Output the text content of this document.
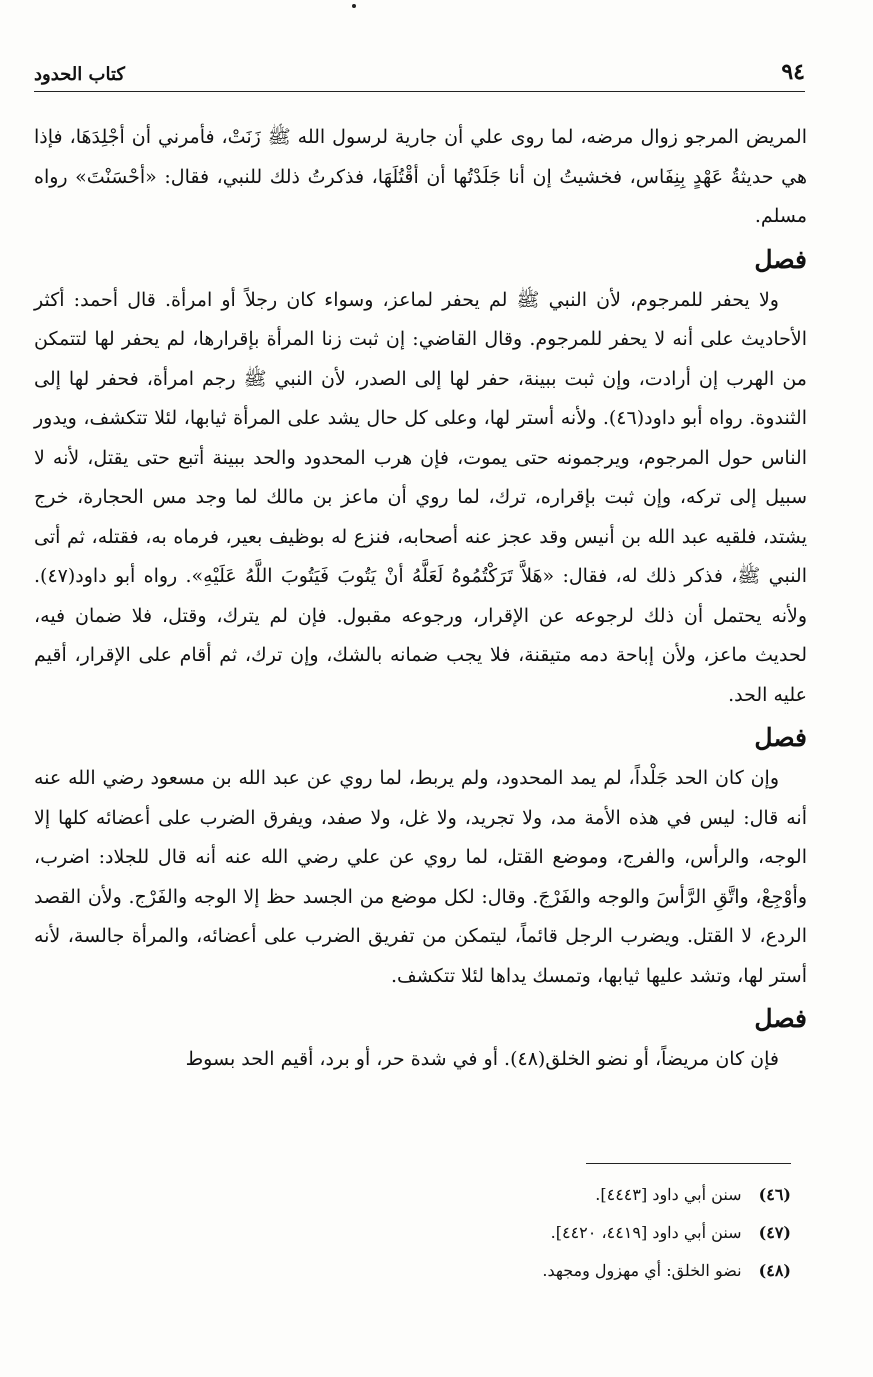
٩٤
كتاب الحدود

المريض المرجو زوال مرضه، لما روى علي أن جارية لرسول الله ﷺ زَنَتْ، فأمرني أن أجْلِدَهَا، فإذا هي حديثةُ عَهْدٍ بِنِفَاس، فخشيتُ إن أنا جَلَدْتُها أن أقْتُلَهَا، فذكرتُ ذلك للنبي، فقال: «أحْسَنْتَ» رواه مسلم.

فصل

ولا يحفر للمرجوم، لأن النبي ﷺ لم يحفر لماعز، وسواء كان رجلاً أو امرأة. قال أحمد: أكثر الأحاديث على أنه لا يحفر للمرجوم. وقال القاضي: إن ثبت زنا المرأة بإقرارها، لم يحفر لها لتتمكن من الهرب إن أرادت، وإن ثبت ببينة، حفر لها إلى الصدر، لأن النبي ﷺ رجم امرأة، فحفر لها إلى الثندوة. رواه أبو داود(٤٦). ولأنه أستر لها، وعلى كل حال يشد على المرأة ثيابها، لئلا تتكشف، ويدور الناس حول المرجوم، ويرجمونه حتى يموت، فإن هرب المحدود والحد ببينة أتبع حتى يقتل، لأنه لا سبيل إلى تركه، وإن ثبت بإقراره، ترك، لما روي أن ماعز بن مالك لما وجد مس الحجارة، خرج يشتد، فلقيه عبد الله بن أنيس وقد عجز عنه أصحابه، فنزع له بوظيف بعير، فرماه به، فقتله، ثم أتى النبي ﷺ، فذكر ذلك له، فقال: «هَلاَّ تَرَكْتُمُوهُ لَعَلَّهُ أنْ يَتُوبَ فَيَتُوبَ اللَّهُ عَلَيْهِ». رواه أبو داود(٤٧). ولأنه يحتمل أن ذلك لرجوعه عن الإقرار، ورجوعه مقبول. فإن لم يترك، وقتل، فلا ضمان فيه، لحديث ماعز، ولأن إباحة دمه متيقنة، فلا يجب ضمانه بالشك، وإن ترك، ثم أقام على الإقرار، أقيم عليه الحد.

فصل

وإن كان الحد جَلْداً، لم يمد المحدود، ولم يربط، لما روي عن عبد الله بن مسعود رضي الله عنه أنه قال: ليس في هذه الأمة مد، ولا تجريد، ولا غل، ولا صفد، ويفرق الضرب على أعضائه كلها إلا الوجه، والرأس، والفرج، وموضع القتل، لما روي عن علي رضي الله عنه أنه قال للجلاد: اضرب، وأوْجِعْ، واتَّقِ الرَّأسَ والوجه والفَرْجَ. وقال: لكل موضع من الجسد حظ إلا الوجه والفَرْج. ولأن القصد الردع، لا القتل. ويضرب الرجل قائماً، ليتمكن من تفريق الضرب على أعضائه، والمرأة جالسة، لأنه أستر لها، وتشد عليها ثيابها، وتمسك يداها لئلا تتكشف.

فصل

فإن كان مريضاً، أو نضو الخلق(٤٨). أو في شدة حر، أو برد، أقيم الحد بسوط

(٤٦) سنن أبي داود [٤٤٤٣].

(٤٧) سنن أبي داود [٤٤١٩، ٤٤٢٠].

(٤٨) نضو الخلق: أي مهزول ومجهد.
